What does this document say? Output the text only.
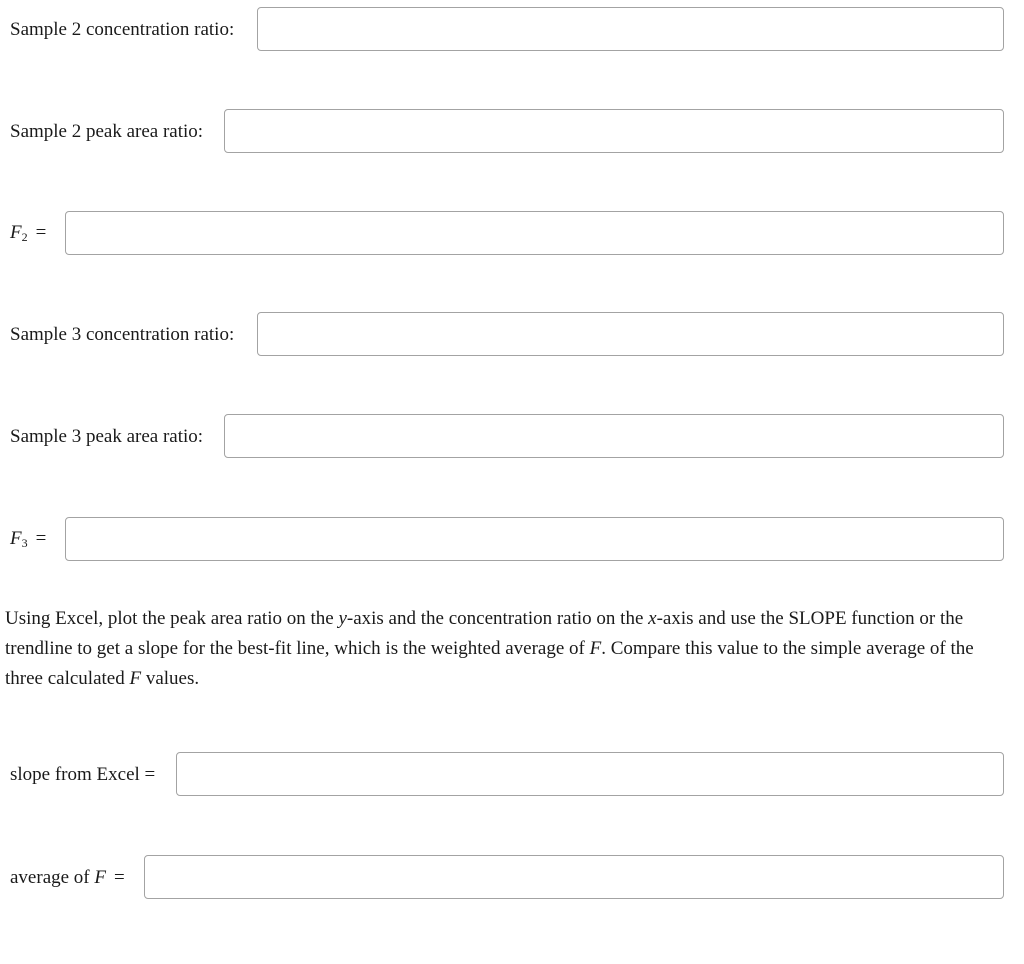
Sample 2 concentration ratio:
Sample 2 peak area ratio:
$F_2$ =
Sample 3 concentration ratio:
Sample 3 peak area ratio:
$F_3$ =

Using Excel, plot the peak area ratio on the y-axis and the concentration ratio on the x-axis and use the SLOPE function or the trendline to get a slope for the best-fit line, which is the weighted average of F. Compare this value to the simple average of the three calculated F values.

slope from Excel =
average of F =
